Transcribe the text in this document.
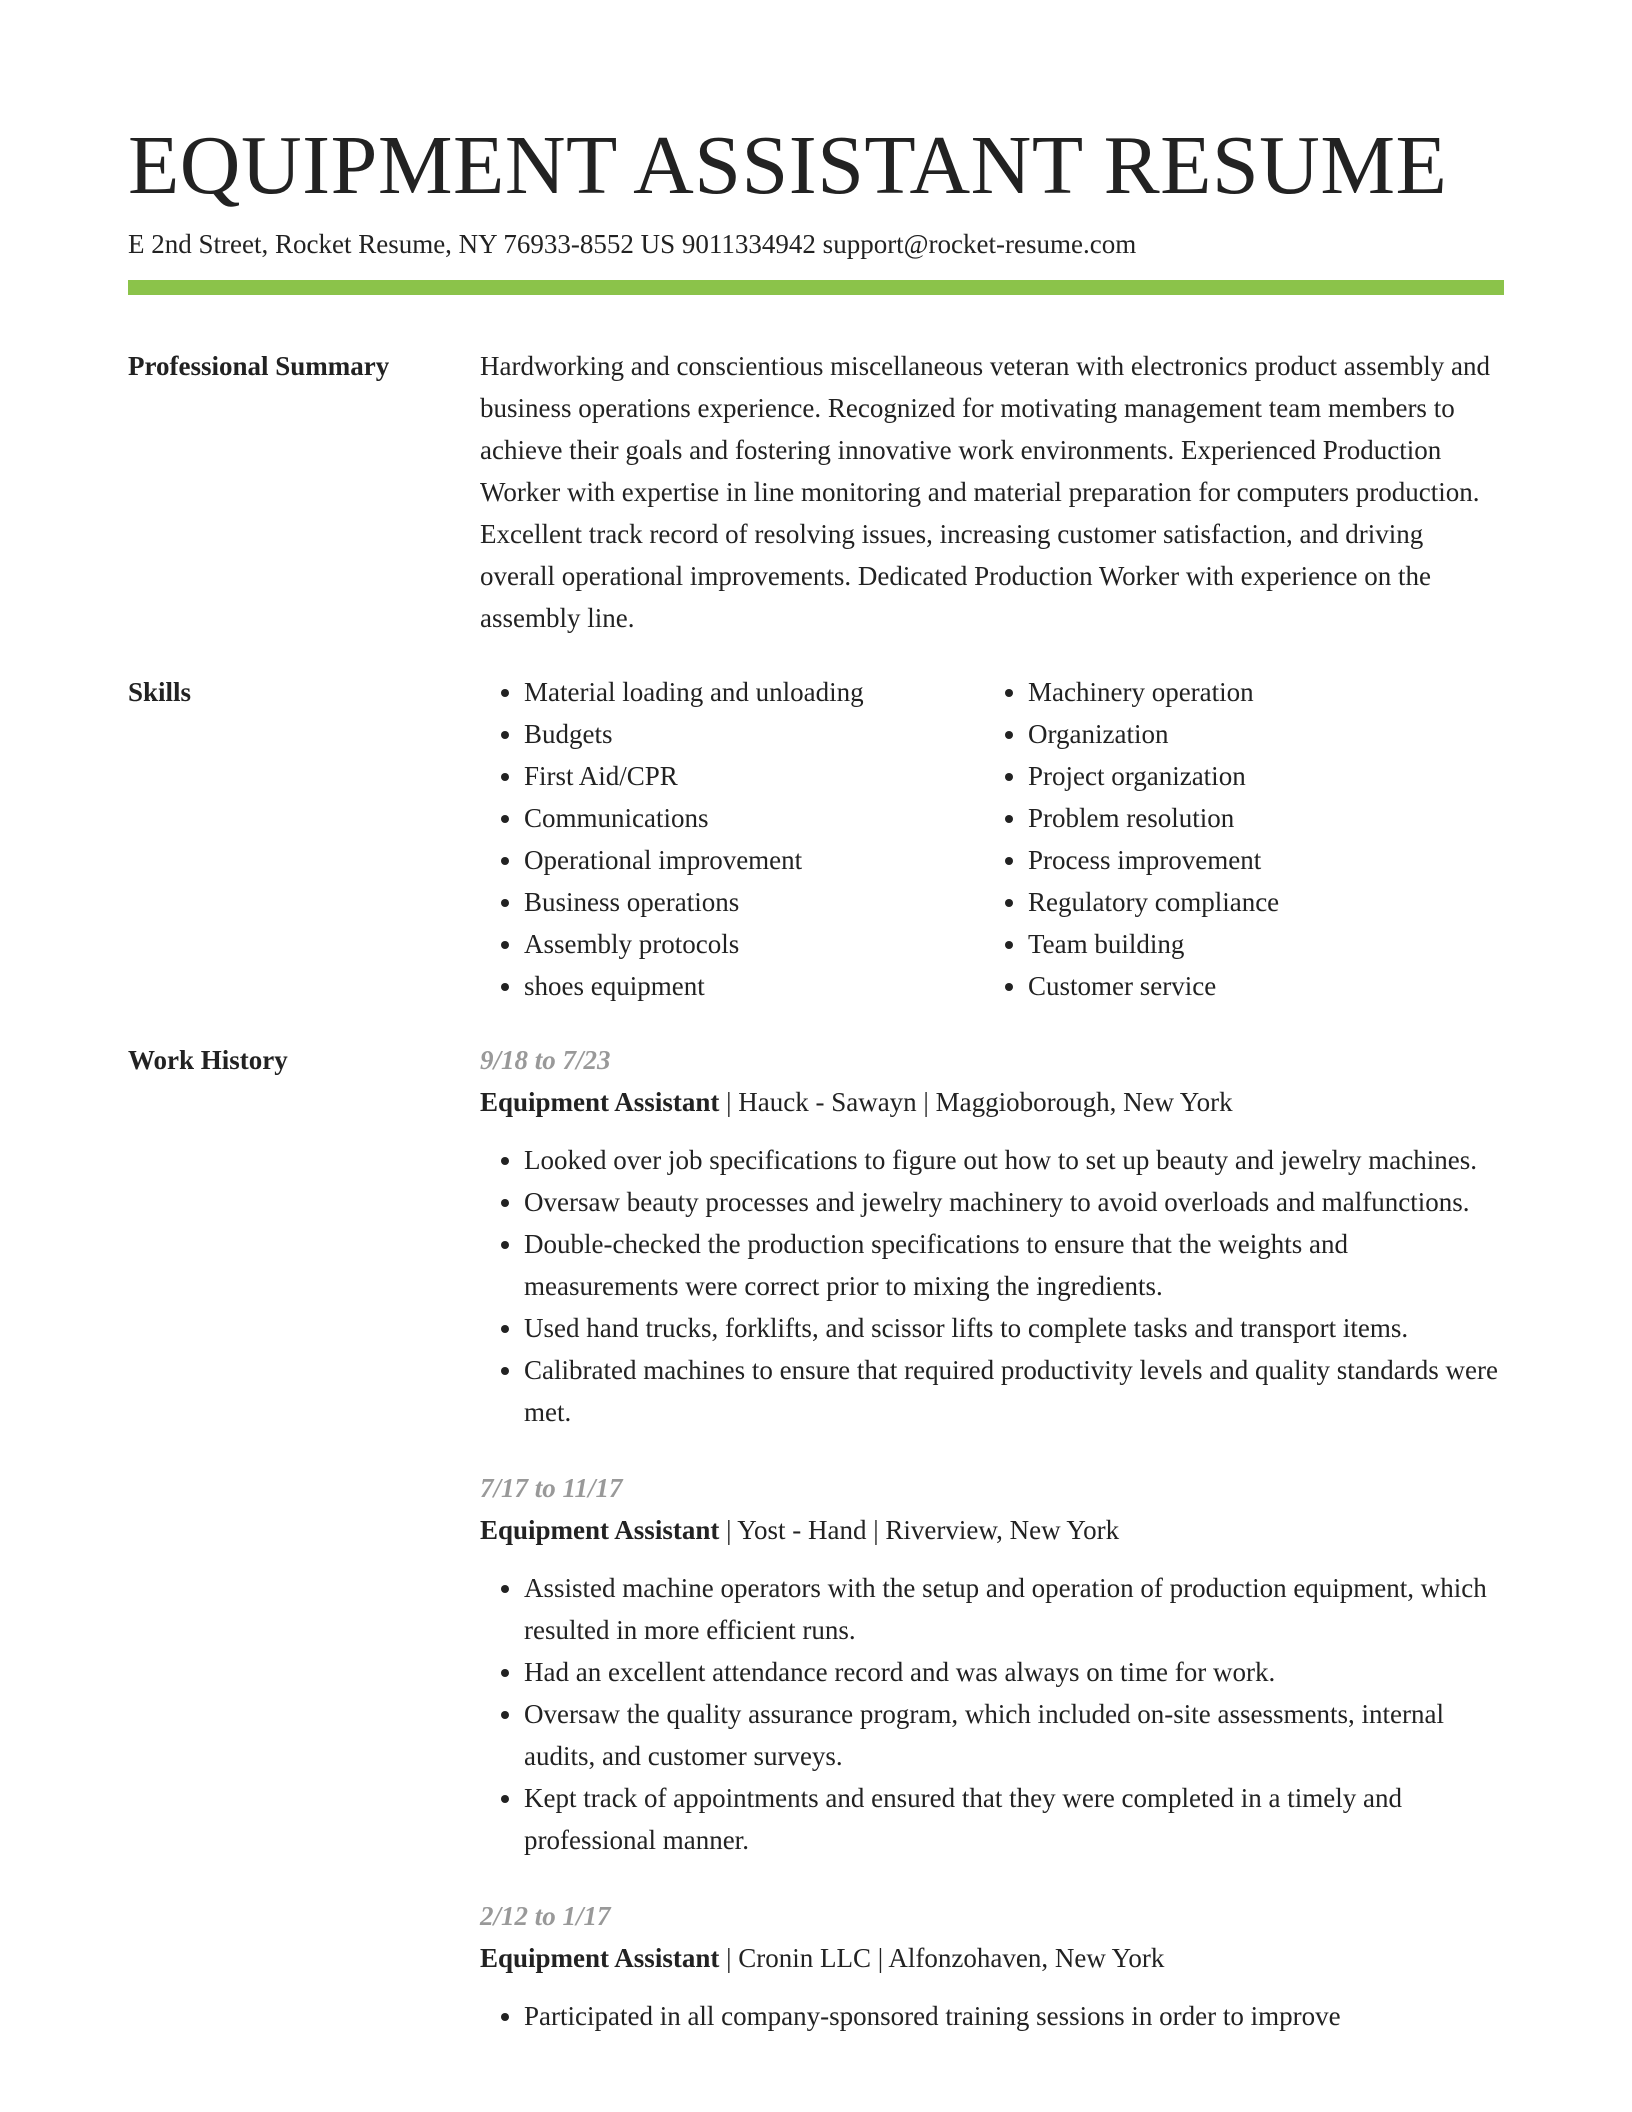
EQUIPMENT ASSISTANT RESUME
E 2nd Street, Rocket Resume, NY 76933-8552 US 9011334942 support@rocket-resume.com
Professional Summary	Hardworking and conscientious miscellaneous veteran with electronics product assembly and business operations experience. Recognized for motivating management team members to achieve their goals and fostering innovative work environments. Experienced Production Worker with expertise in line monitoring and material preparation for computers production. Excellent track record of resolving issues, increasing customer satisfaction, and driving overall operational improvements. Dedicated Production Worker with experience on the assembly line.

Skills
•	Material loading and unloading
• Budgets
• First Aid/CPR
• Communications
• Operational improvement
• Business operations
• Assembly protocols
• shoes equipment
• Machinery operation
• Organization
• Project organization
• Problem resolution
• Process improvement
• Regulatory compliance
• Team building
• Customer service
Work History	9/18 to 7/23
Equipment Assistant | Hauck - Sawayn | Maggioborough, New York
• Looked over job specifications to figure out how to set up beauty and jewelry machines.
• Oversaw beauty processes and jewelry machinery to avoid overloads and malfunctions.
• Double-checked the production specifications to ensure that the weights and measurements were correct prior to mixing the ingredients.
• Used hand trucks, forklifts, and scissor lifts to complete tasks and transport items.
• Calibrated machines to ensure that required productivity levels and quality standards were met.
7/17 to 11/17
Equipment Assistant | Yost - Hand | Riverview, New York
• Assisted machine operators with the setup and operation of production equipment, which resulted in more efficient runs.
• Had an excellent attendance record and was always on time for work.
• Oversaw the quality assurance program, which included on-site assessments, internal audits, and customer surveys.
• Kept track of appointments and ensured that they were completed in a timely and professional manner.
2/12 to 1/17
Equipment Assistant | Cronin LLC | Alfonzohaven, New York
• Participated in all company-sponsored training sessions in order to improve
